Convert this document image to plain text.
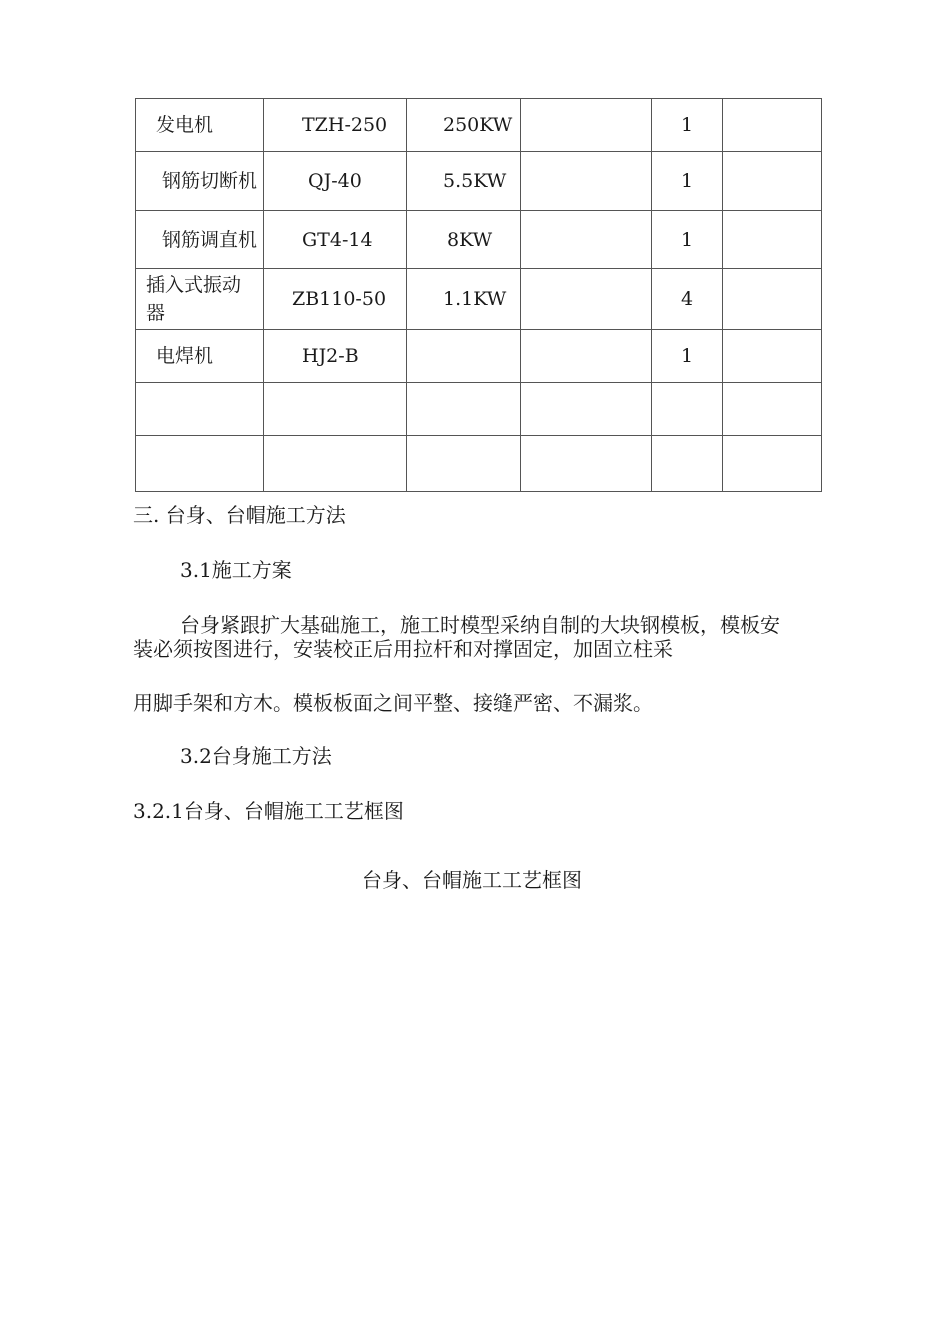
发电机	TZH-250	250KW		1	

钢筋切断机	QJ-40	5.5KW		1	

钢筋调直机	GT4-14	8KW		1	

插入式振动器	ZB110-50	1.1KW		4	
电焊机	HJ2-B			1	

三. 台身、台帽施工方法

3.1施工方案

台身紧跟扩大基础施工，施工时模型采纳自制的大块钢模板，模板安

装必须按图进行，安装校正后用拉杆和对撑固定，加固立柱采

用脚手架和方木。模板板面之间平整、接缝严密、不漏浆。

3.2台身施工方法

3.2.1台身、台帽施工工艺框图

台身、台帽施工工艺框图
